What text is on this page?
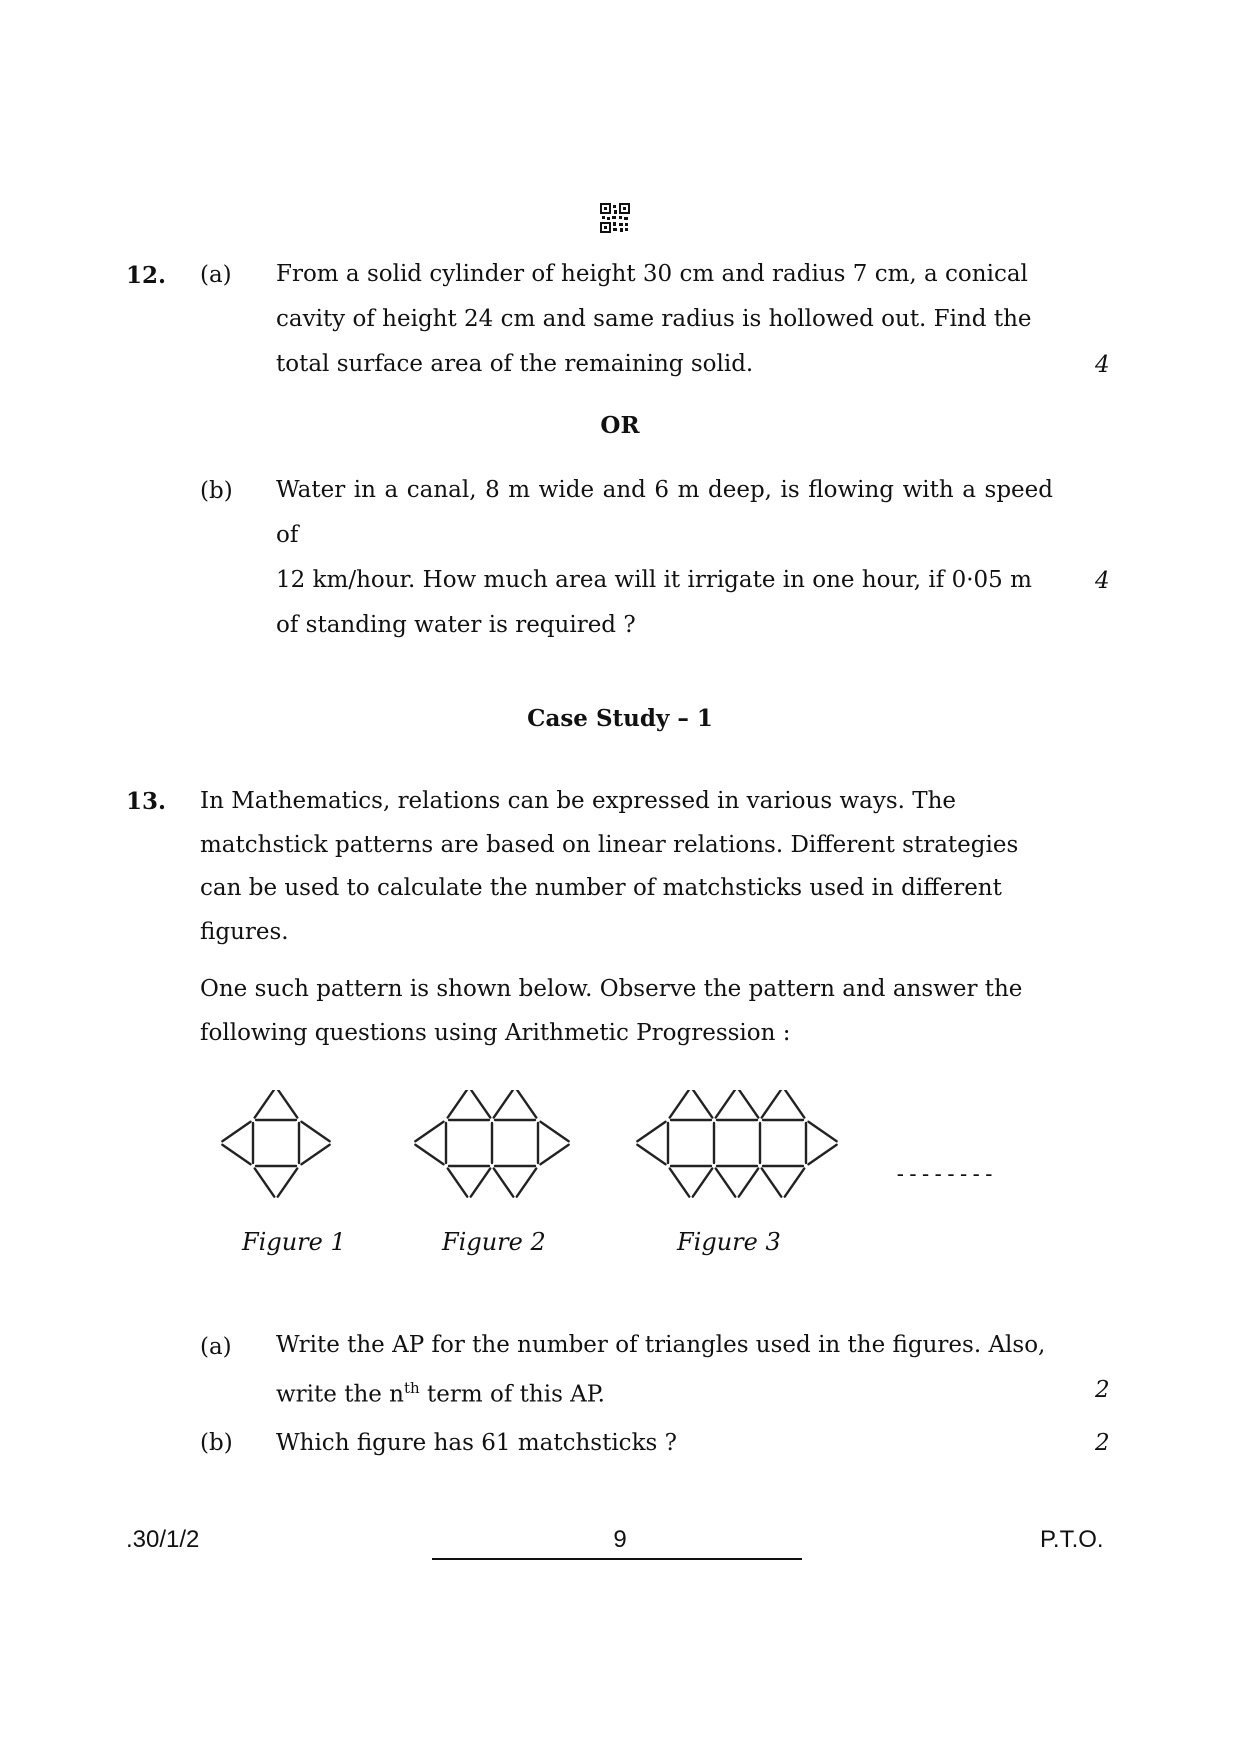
12. (a) From a solid cylinder of height 30 cm and radius 7 cm, a conical
cavity of height 24 cm and same radius is hollowed out. Find the
total surface area of the remaining solid.	4
OR
(b) Water in a canal, 8 m wide and 6 m deep, is flowing with a speed of
12 km/hour. How much area will it irrigate in one hour, if 0·05 m
of standing water is required ?
4
Case Study – 1
13. In Mathematics, relations can be expressed in various ways. The
matchstick patterns are based on linear relations. Different strategies
can be used to calculate the number of matchsticks used in different
figures.
One such pattern is shown below. Observe the pattern and answer the
following questions using Arithmetic Progression :
Figure 1	Figure 2	Figure 3
--------
(a) Write the AP for the number of triangles used in the figures. Also,
write the $n^{th}$ term of this AP.	2
(b) Which figure has 61 matchsticks ?	2
.30/1/2	9	P.T.O.
